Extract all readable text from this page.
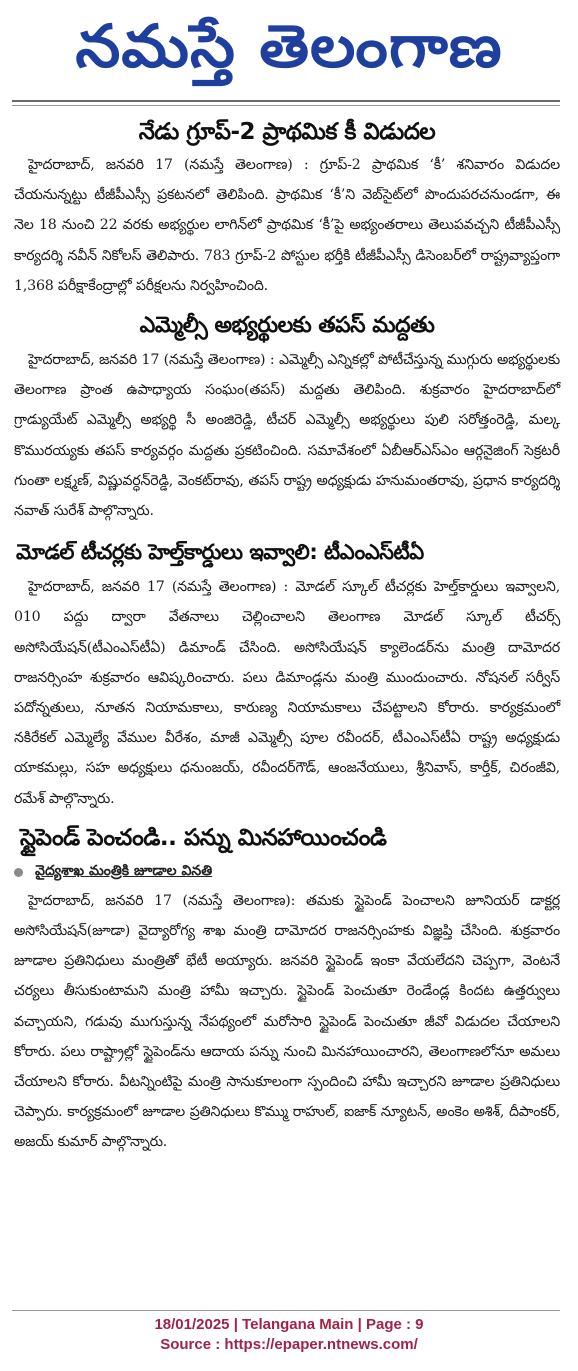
నమస్తే తెలంగాణ
నేడు గ్రూప్-2 ప్రాథమిక కీ విడుదల

హైదరాబాద్, జనవరి 17 (నమస్తే తెలంగాణ) : గ్రూప్-2 ప్రాథమిక ‘కీ’ శనివారం విడుదల చేయనున్నట్టు టీజీపీఎస్సీ ప్రకటనలో తెలిపింది. ప్రాథమిక ‘కీ’ని వెబ్‌సైట్‌లో పొందుపరచనుండగా, ఈ నెల 18 నుంచి 22 వరకు అభ్యర్థుల లాగిన్‌లో ప్రాథమిక ‘కీ’పై అభ్యంతరాలు తెలుపవచ్చని టీజీపీఎస్సీ కార్యదర్శి నవీన్ నికోలస్ తెలిపారు. 783 గ్రూప్-2 పోస్టుల భర్తీకి టీజీపీఎస్సీ డిసెంబర్‌లో రాష్ట్రవ్యాప్తంగా 1,368 పరీక్షాకేంద్రాల్లో పరీక్షలను నిర్వహించింది.

ఎమ్మెల్సీ అభ్యర్థులకు తపస్ మద్దతు

హైదరాబాద్, జనవరి 17 (నమస్తే తెలంగాణ) : ఎమ్మెల్సీ ఎన్నికల్లో పోటీచేస్తున్న ముగ్గురు అభ్యర్థులకు తెలంగాణ ప్రాంత ఉపాధ్యాయ సంఘం(తపస్) మద్దతు తెలిపింది. శుక్రవారం హైదరాబాద్‌లో గ్రాడ్యుయేట్ ఎమ్మెల్సీ అభ్యర్థి సీ అంజిరెడ్డి, టీచర్ ఎమ్మెల్సీ అభ్యర్థులు పులి సరోత్తంరెడ్డి, మల్క కొమురయ్యకు తపస్ కార్యవర్గం మద్దతు ప్రకటించింది. సమావేశంలో ఏబీఆర్‌ఎస్‌ఎం ఆర్గనైజింగ్ సెక్రటరీ గుంతా లక్ష్మణ్, విష్ణువర్ధన్‌రెడ్డి, వెంకట్‌రావు, తపస్ రాష్ట్ర అధ్యక్షుడు హనుమంతరావు, ప్రధాన కార్యదర్శి నవాత్ సురేశ్ పాల్గొన్నారు.

మోడల్ టీచర్లకు హెల్త్‌కార్డులు ఇవ్వాలి: టీఎంఎస్‌టీఏ

హైదరాబాద్, జనవరి 17 (నమస్తే తెలంగాణ) : మోడల్ స్కూల్ టీచర్లకు హెల్త్‌కార్డులు ఇవ్వాలని, 010 పద్దు ద్వారా వేతనాలు చెల్లించాలని తెలంగాణ మోడల్ స్కూల్ టీచర్స్ అసోసియేషన్(టీఎంఎస్‌టీఏ) డిమాండ్ చేసింది. అసోసియేషన్ క్యాలెండర్‌ను మంత్రి దామోదర రాజనర్సింహ శుక్రవారం ఆవిష్కరించారు. పలు డిమాండ్లను మంత్రి ముందుంచారు. నోషనల్ సర్వీస్ పదోన్నతులు, నూతన నియామకాలు, కారుణ్య నియామకాలు చేపట్టాలని కోరారు. కార్యక్రమంలో నకిరేకల్ ఎమ్మెల్యే వేముల వీరేశం, మాజీ ఎమ్మెల్సీ పూల రవీందర్, టీఎంఎస్‌టీఏ రాష్ట్ర అధ్యక్షుడు యాకమల్లు, సహ అధ్యక్షులు ధనుంజయ్, రవీందర్‌గౌడ్, ఆంజనేయులు, శ్రీనివాస్, కార్తీక్, చిరంజీవి, రమేశ్ పాల్గొన్నారు.

స్టైపెండ్ పెంచండి.. పన్ను మినహాయించండి
వైద్యశాఖ మంత్రికి జూడాల వినతి

హైదరాబాద్, జనవరి 17 (నమస్తే తెలంగాణ): తమకు స్టైపెండ్ పెంచాలని జూనియర్ డాక్టర్ల అసోసియేషన్(జూడా) వైద్యారోగ్య శాఖ మంత్రి దామోదర రాజనర్సింహకు విజ్ఞప్తి చేసింది. శుక్రవారం జూడాల ప్రతినిధులు మంత్రితో భేటీ అయ్యారు. జనవరి స్టైపెండ్ ఇంకా వేయలేదని చెప్పగా, వెంటనే చర్యలు తీసుకుంటామని మంత్రి హామీ ఇచ్చారు. స్టైపెండ్ పెంచుతూ రెండేండ్ల కిందట ఉత్తర్వులు వచ్చాయని, గడువు ముగుస్తున్న నేపథ్యంలో మరోసారి స్టైపెండ్ పెంచుతూ జీవో విడుదల చేయాలని కోరారు. పలు రాష్ట్రాల్లో స్టైపెండ్‌ను ఆదాయ పన్ను నుంచి మినహాయించారని, తెలంగాణలోనూ అమలు చేయాలని కోరారు. వీటన్నింటిపై మంత్రి సానుకూలంగా స్పందించి హామీ ఇచ్చారని జూడాల ప్రతినిధులు చెప్పారు. కార్యక్రమంలో జూడాల ప్రతినిధులు కొమ్ము రాహుల్, ఐజాక్ న్యూటన్, అంకెం అశిశ్, దీపాంకర్, అజయ్ కుమార్ పాల్గొన్నారు.

18/01/2025 | Telangana Main | Page : 9
Source : https://epaper.ntnews.com/
